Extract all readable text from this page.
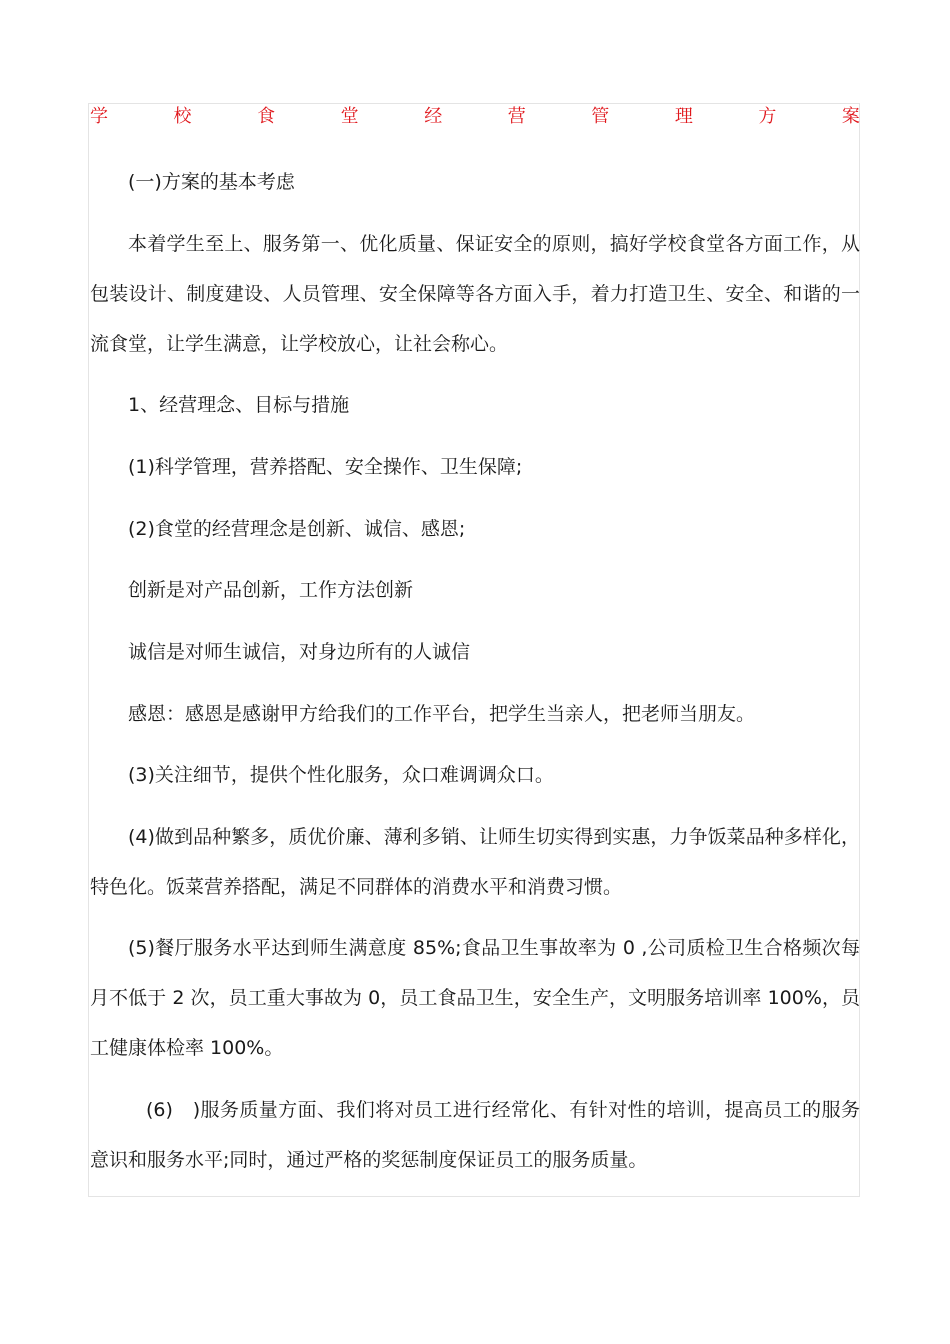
学	校	食	堂	经	营	管	理	方	案

(一)方案的基本考虑

本着学生至上、服务第一、优化质量、保证安全的原则，搞好学校食堂各方面工作，从包装设计、制度建设、人员管理、安全保障等各方面入手，着力打造卫生、安全、和谐的一流食堂，让学生满意，让学校放心，让社会称心。

1、经营理念、目标与措施

(1)科学管理，营养搭配、安全操作、卫生保障;

(2)食堂的经营理念是创新、诚信、感恩;

创新是对产品创新，工作方法创新

诚信是对师生诚信，对身边所有的人诚信

感恩：感恩是感谢甲方给我们的工作平台，把学生当亲人，把老师当朋友。

(3)关注细节，提供个性化服务，众口难调调众口。

(4)做到品种繁多，质优价廉、薄利多销、让师生切实得到实惠，力争饭菜品种多样化，特色化。饭菜营养搭配，满足不同群体的消费水平和消费习惯。

(5)餐厅服务水平达到师生满意度 85%;食品卫生事故率为 0 ,公司质检卫生合格频次每月不低于 2 次，员工重大事故为 0，员工食品卫生，安全生产，文明服务培训率 100%，员工健康体检率 100%。

(6)　)服务质量方面、我们将对员工进行经常化、有针对性的培训，提高员工的服务意识和服务水平;同时，通过严格的奖惩制度保证员工的服务质量。
